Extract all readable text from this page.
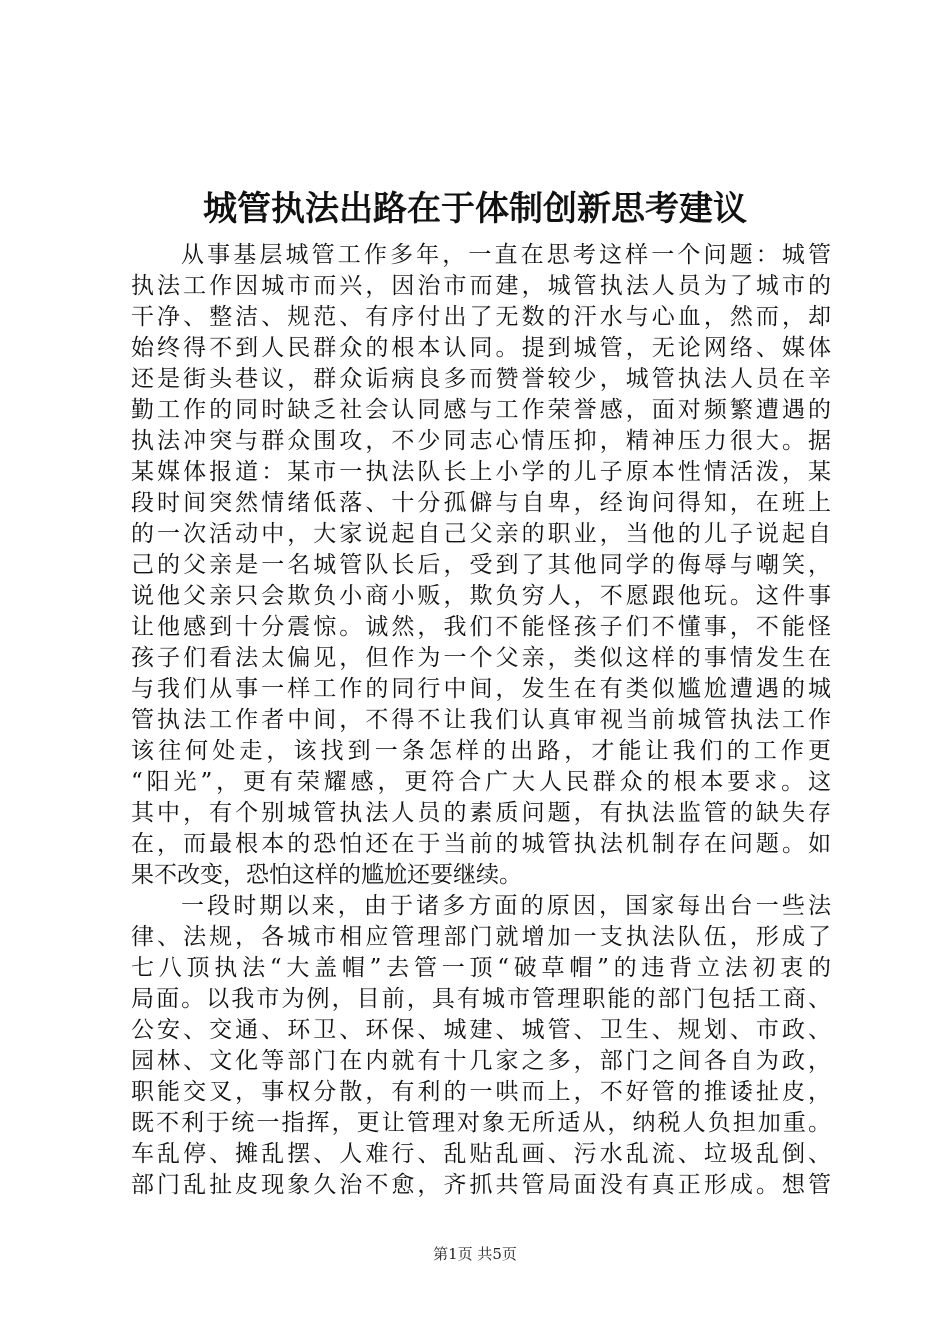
城管执法出路在于体制创新思考建议
从事基层城管工作多年，一直在思考这样一个问题：城管
执法工作因城市而兴，因治市而建，城管执法人员为了城市的
干净、整洁、规范、有序付出了无数的汗水与心血，然而，却
始终得不到人民群众的根本认同。提到城管，无论网络、媒体
还是街头巷议，群众诟病良多而赞誉较少，城管执法人员在辛
勤工作的同时缺乏社会认同感与工作荣誉感，面对频繁遭遇的
执法冲突与群众围攻，不少同志心情压抑，精神压力很大。据
某媒体报道：某市一执法队长上小学的儿子原本性情活泼，某
段时间突然情绪低落、十分孤僻与自卑，经询问得知，在班上
的一次活动中，大家说起自己父亲的职业，当他的儿子说起自
己的父亲是一名城管队长后，受到了其他同学的侮辱与嘲笑，
说他父亲只会欺负小商小贩，欺负穷人，不愿跟他玩。这件事
让他感到十分震惊。诚然，我们不能怪孩子们不懂事，不能怪
孩子们看法太偏见，但作为一个父亲，类似这样的事情发生在
与我们从事一样工作的同行中间，发生在有类似尴尬遭遇的城
管执法工作者中间，不得不让我们认真审视当前城管执法工作
该往何处走，该找到一条怎样的出路，才能让我们的工作更
“阳光”，更有荣耀感，更符合广大人民群众的根本要求。这
其中，有个别城管执法人员的素质问题，有执法监管的缺失存
在，而最根本的恐怕还在于当前的城管执法机制存在问题。如
果不改变，恐怕这样的尴尬还要继续。
一段时期以来，由于诸多方面的原因，国家每出台一些法
律、法规，各城市相应管理部门就增加一支执法队伍，形成了
七八顶执法“大盖帽”去管一顶“破草帽”的违背立法初衷的
局面。以我市为例，目前，具有城市管理职能的部门包括工商、
公安、交通、环卫、环保、城建、城管、卫生、规划、市政、
园林、文化等部门在内就有十几家之多，部门之间各自为政，
职能交叉，事权分散，有利的一哄而上，不好管的推诿扯皮，
既不利于统一指挥，更让管理对象无所适从，纳税人负担加重。
车乱停、摊乱摆、人难行、乱贴乱画、污水乱流、垃圾乱倒、
部门乱扯皮现象久治不愈，齐抓共管局面没有真正形成。想管
第1页 共5页
